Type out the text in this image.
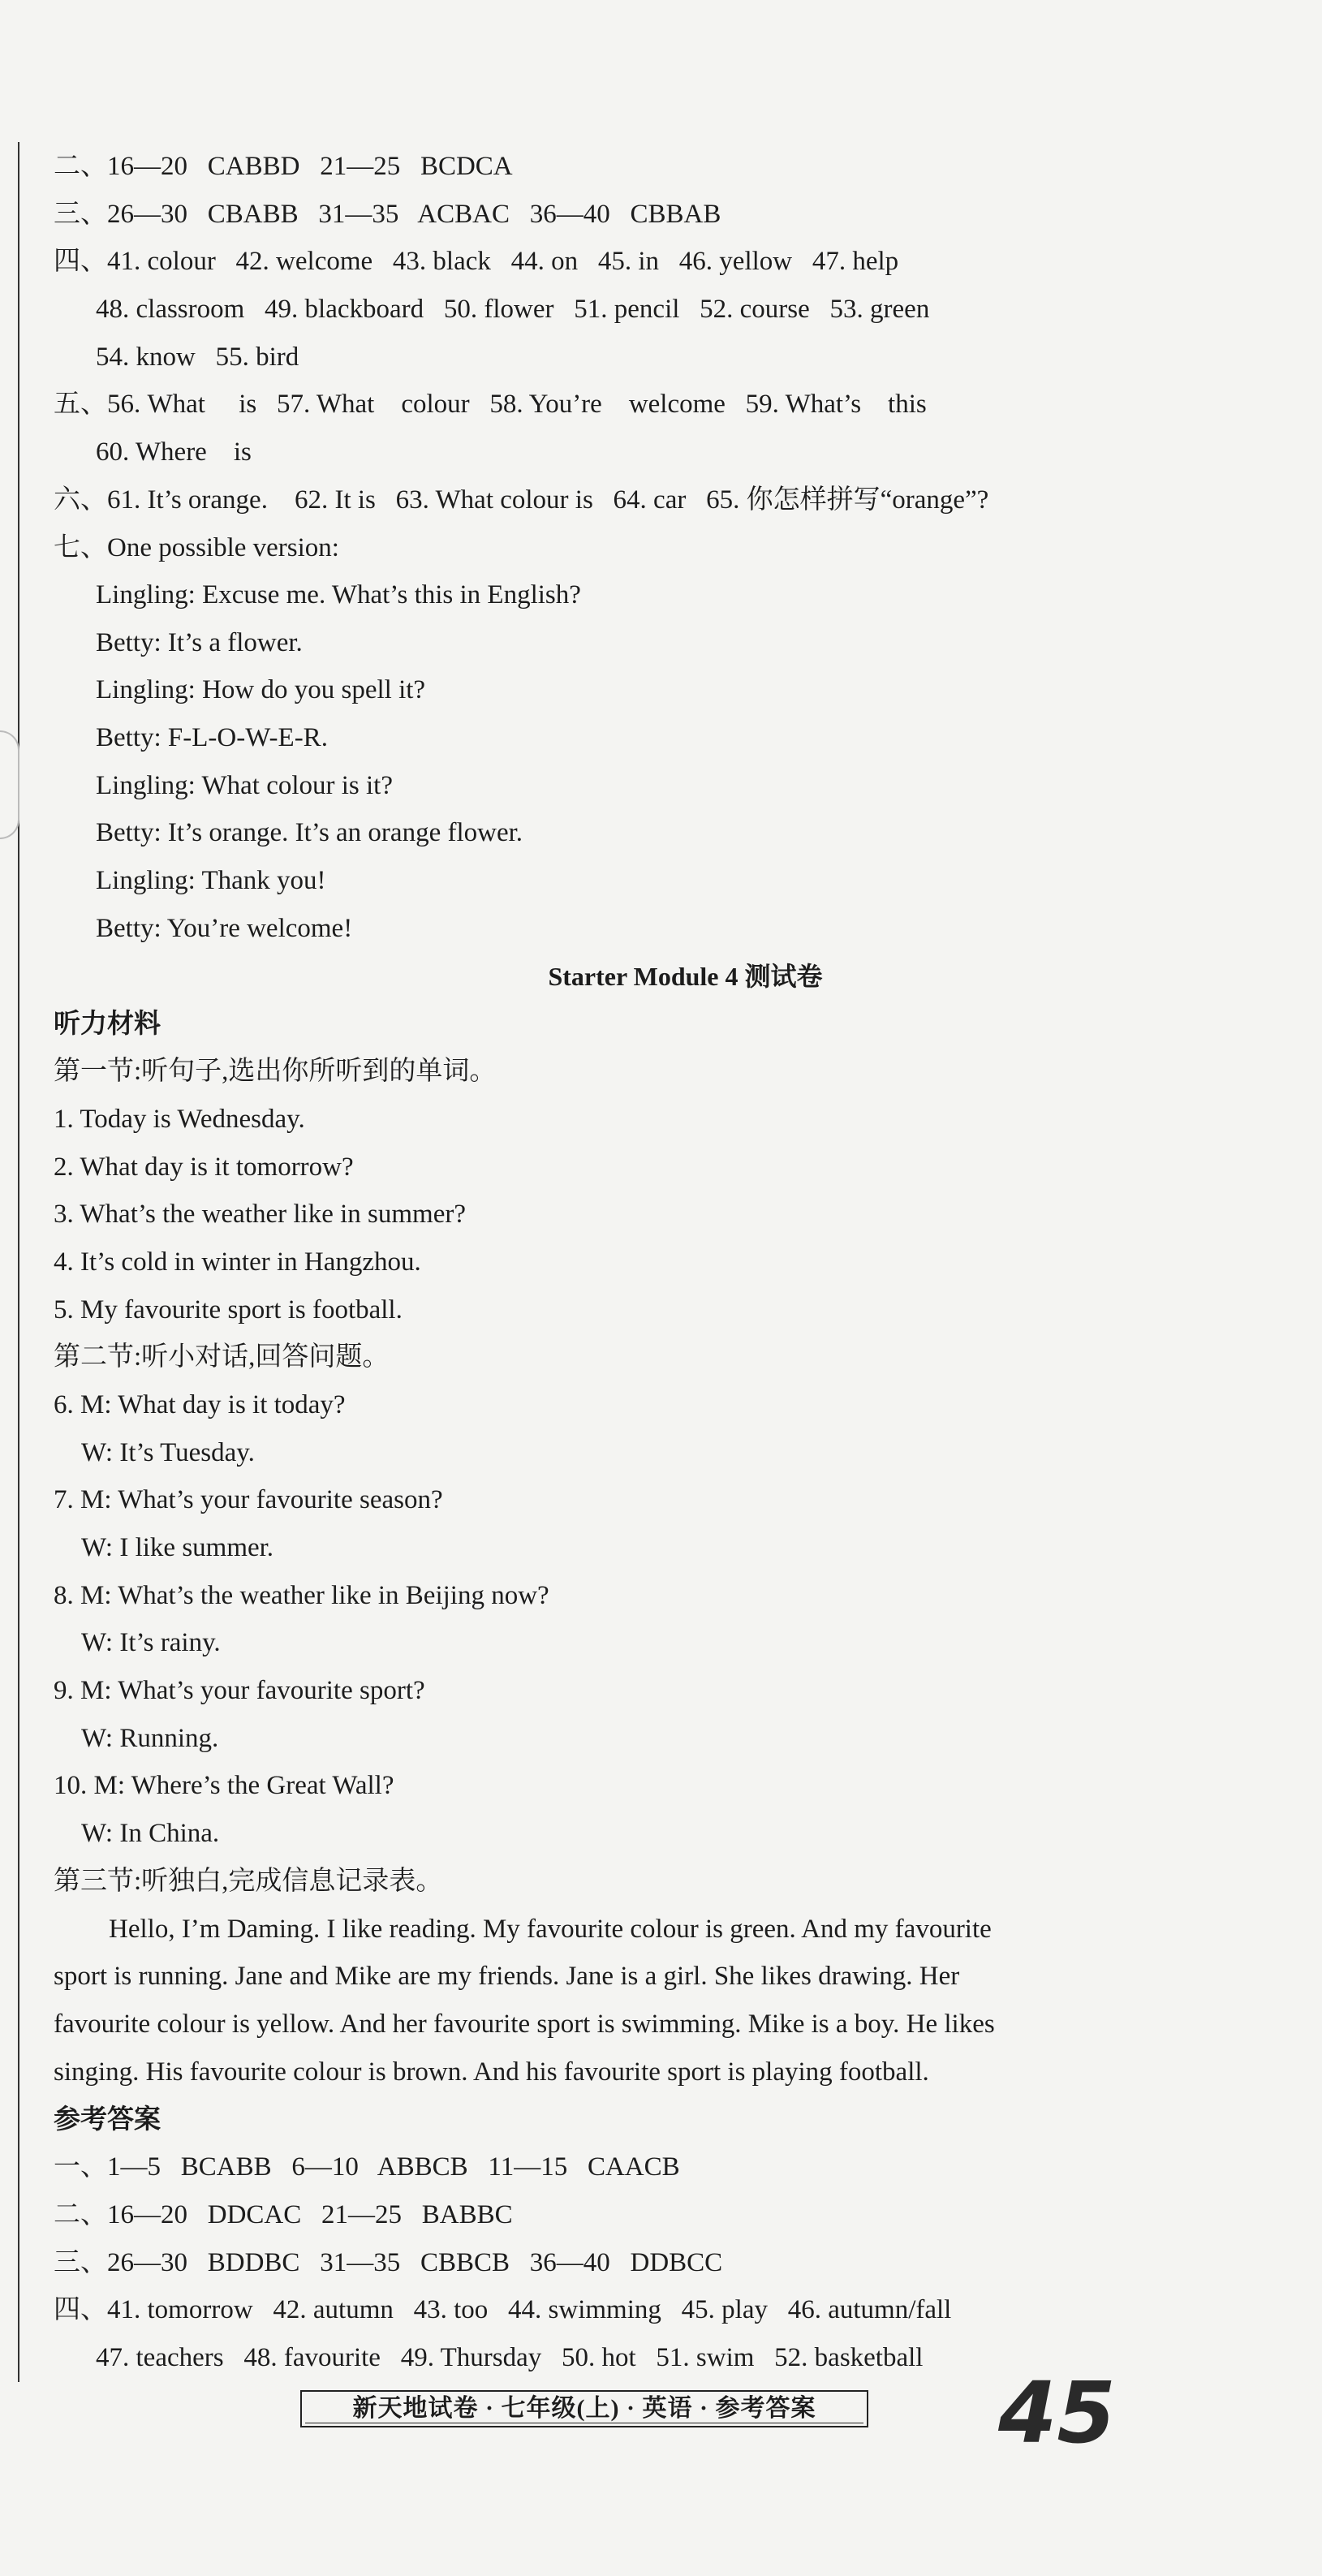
二、16—20   CABBD   21—25   BCDCA
三、26—30   CBABB   31—35   ACBAC   36—40   CBBAB
四、41. colour   42. welcome   43. black   44. on   45. in   46. yellow   47. help
48. classroom   49. blackboard   50. flower   51. pencil   52. course   53. green
54. know   55. bird
五、56. What     is   57. What    colour   58. You’re    welcome   59. What’s    this
60. Where    is
六、61. It’s orange.    62. It is   63. What colour is   64. car   65. 你怎样拼写“orange”?
七、One possible version:
Lingling: Excuse me. What’s this in English?
Betty: It’s a flower.
Lingling: How do you spell it?
Betty: F-L-O-W-E-R.
Lingling: What colour is it?
Betty: It’s orange. It’s an orange flower.
Lingling: Thank you!
Betty: You’re welcome!
Starter Module 4 测试卷
听力材料
第一节:听句子,选出你所听到的单词。
1. Today is Wednesday.
2. What day is it tomorrow?
3. What’s the weather like in summer?
4. It’s cold in winter in Hangzhou.
5. My favourite sport is football.
第二节:听小对话,回答问题。
6. M: What day is it today?
W: It’s Tuesday.
7. M: What’s your favourite season?
W: I like summer.
8. M: What’s the weather like in Beijing now?
W: It’s rainy.
9. M: What’s your favourite sport?
W: Running.
10. M: Where’s the Great Wall?
W: In China.
第三节:听独白,完成信息记录表。
Hello, I’m Daming. I like reading. My favourite colour is green. And my favourite
sport is running. Jane and Mike are my friends. Jane is a girl. She likes drawing. Her
favourite colour is yellow. And her favourite sport is swimming. Mike is a boy. He likes
singing. His favourite colour is brown. And his favourite sport is playing football.
参考答案
一、1—5   BCABB   6—10   ABBCB   11—15   CAACB
二、16—20   DDCAC   21—25   BABBC
三、26—30   BDDBC   31—35   CBBCB   36—40   DDBCC
四、41. tomorrow   42. autumn   43. too   44. swimming   45. play   46. autumn/fall
47. teachers   48. favourite   49. Thursday   50. hot   51. swim   52. basketball
新天地试卷 · 七年级(上) · 英语 · 参考答案	45
